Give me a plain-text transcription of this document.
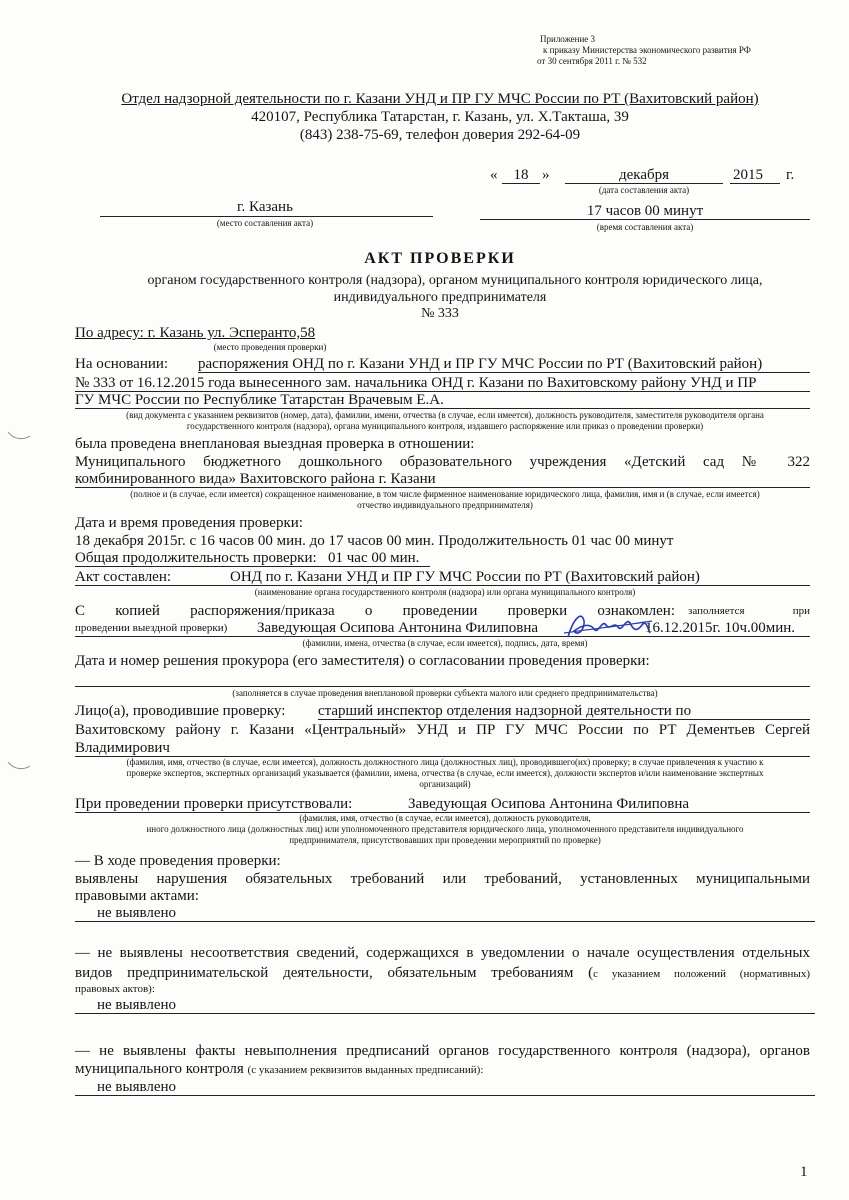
Приложение 3
к приказу Министерства экономического развития РФ
от 30 сентября 2011 г. № 532
Отдел надзорной деятельности по г. Казани УНД и ПР ГУ МЧС России по РТ (Вахитовский район)
420107, Республика Татарстан, г. Казань, ул. Х.Такташа, 39
(843) 238-75-69, телефон доверия 292-64-09
«	18 »	декабря	2015 г.
(дата составления акта)
г. Казань
(место составления акта)
17 часов 00 минут
(время составления акта)
АКТ ПРОВЕРКИ
органом государственного контроля (надзора), органом муниципального контроля юридического лица,
индивидуального предпринимателя
№ 333
По адресу: г. Казань ул. Эсперанто,58
(место проведения проверки)
На основании: распоряжения ОНД по г. Казани УНД и ПР ГУ МЧС России по РТ (Вахитовский район)
№ 333 от 16.12.2015 года вынесенного зам. начальника ОНД г. Казани по Вахитовскому району УНД и ПР
ГУ МЧС России по Республике Татарстан Врачевым Е.А.
(вид документа с указанием реквизитов (номер, дата), фамилии, имени, отчества (в случае, если имеется), должность руководителя, заместителя руководителя органа
государственного контроля (надзора), органа муниципального контроля, издавшего распоряжение или приказ о проведении проверки)
была проведена внеплановая выездная проверка в отношении:
Муниципального бюджетного дошкольного образовательного учреждения «Детский сад № 322
комбинированного вида» Вахитовского района г. Казани
(полное и (в случае, если имеется) сокращенное наименование, в том числе фирменное наименование юридического лица, фамилия, имя и (в случае, если имеется)
отчество индивидуального предпринимателя)
Дата и время проведения проверки:
18 декабря 2015г. с 16 часов 00 мин. до 17 часов 00 мин. Продолжительность 01 час 00 минут
Общая продолжительность проверки: 01 час 00 мин.
Акт составлен:	ОНД по г. Казани УНД и ПР ГУ МЧС России по РТ (Вахитовский район)
(наименование органа государственного контроля (надзора) или органа муниципального контроля)
С копией распоряжения/приказа о проведении проверки ознакомлен: заполняется при
проведении выездной проверки) Заведующая Осипова Антонина Филиповна	16.12.2015г. 10ч.00мин.
(фамилии, имена, отчества (в случае, если имеется), подпись, дата, время)
Дата и номер решения прокурора (его заместителя) о согласовании проведения проверки:
(заполняется в случае проведения внеплановой проверки субъекта малого или среднего предпринимательства)
Лицо(а), проводившие проверку: старший инспектор отделения надзорной деятельности по
Вахитовскому району г. Казани «Центральный» УНД и ПР ГУ МЧС России по РТ Дементьев Сергей
Владимирович
(фамилия, имя, отчество (в случае, если имеется), должность должностного лица (должностных лиц), проводившего(их) проверку; в случае привлечения к участию к
проверке экспертов, экспертных организаций указывается (фамилии, имена, отчества (в случае, если имеется), должности экспертов и/или наименование экспертных
организаций)
При проведении проверки присутствовали:	Заведующая Осипова Антонина Филиповна
(фамилия, имя, отчество (в случае, если имеется), должность руководителя,
иного должностного лица (должностных лиц) или уполномоченного представителя юридического лица, уполномоченного представителя индивидуального
предпринимателя, присутствовавших при проведении мероприятий по проверке)
— В ходе проведения проверки:
выявлены нарушения обязательных требований или требований, установленных муниципальными
правовыми актами:
не выявлено
— не выявлены несоответствия сведений, содержащихся в уведомлении о начале осуществления отдельных
видов предпринимательской деятельности, обязательным требованиям (с указанием положений (нормативных)
правовых актов):
не выявлено
— не выявлены факты невыполнения предписаний органов государственного контроля (надзора), органов
муниципального контроля (с указанием реквизитов выданных предписаний):
не выявлено
1
